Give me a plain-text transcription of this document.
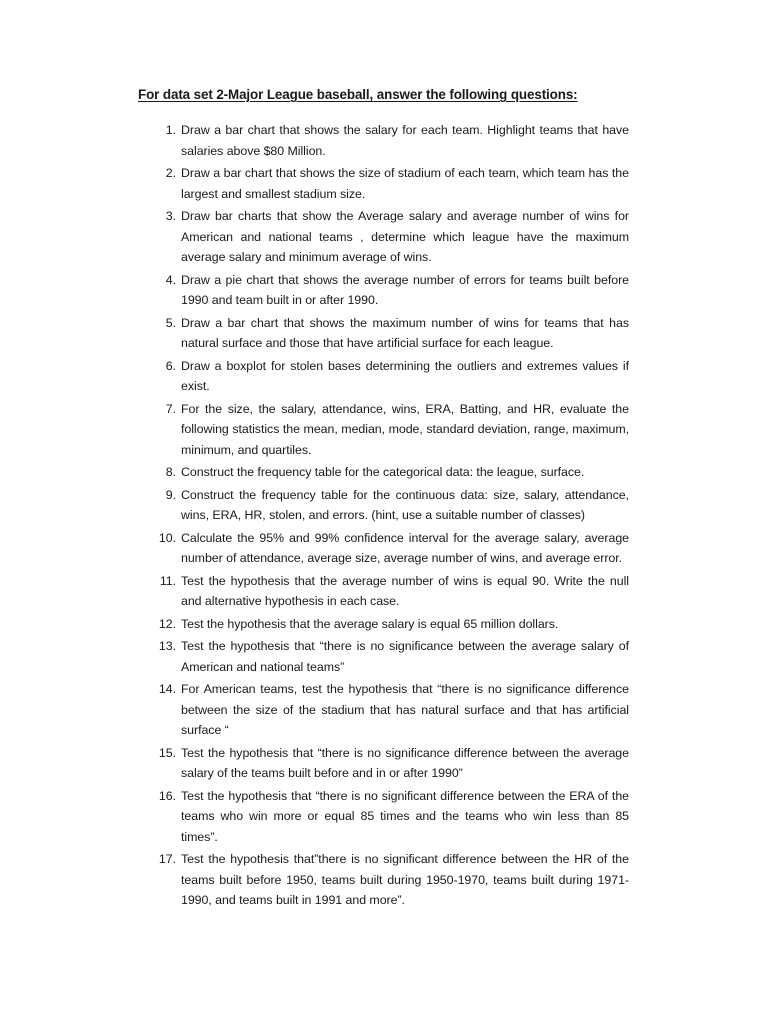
For data set 2-Major League baseball, answer the following questions:
1. Draw a bar chart that shows the salary for each team. Highlight teams that have salaries above $80 Million.
2. Draw a bar chart that shows the size of stadium of each team, which team has the largest and smallest stadium size.
3. Draw bar charts that show the Average salary and average number of wins for American and national teams , determine which league have the maximum average salary and minimum average of wins.
4. Draw a pie chart that shows the average number of errors for teams built before 1990 and team built in or after 1990.
5. Draw a bar chart that shows the maximum number of wins for teams that has natural surface and those that have artificial surface for each league.
6. Draw a boxplot for stolen bases determining the outliers and extremes values if exist.
7. For the size, the salary, attendance, wins, ERA, Batting, and HR, evaluate the following statistics the mean, median, mode, standard deviation, range, maximum, minimum, and quartiles.
8. Construct the frequency table for the categorical data: the league, surface.
9. Construct the frequency table for the continuous data: size, salary, attendance, wins, ERA, HR, stolen, and errors. (hint, use a suitable number of classes)
10. Calculate the 95% and 99% confidence interval for the average salary, average number of attendance, average size, average number of wins, and average error.
11. Test the hypothesis that the average number of wins is equal 90. Write the null and alternative hypothesis in each case.
12. Test the hypothesis that the average salary is equal 65 million dollars.
13. Test the hypothesis that “there is no significance between the average salary of American and national teams”
14. For American teams, test the hypothesis that “there is no significance difference between the size of the stadium that has natural surface and that has artificial surface “
15. Test the hypothesis that “there is no significance difference between the average salary of the teams built before and in or after 1990”
16. Test the hypothesis that “there is no significant difference between the ERA of the teams who win more or equal 85 times and the teams who win less than 85 times”.
17. Test the hypothesis that”there is no significant difference between the HR of the teams built before 1950, teams built during 1950-1970, teams built during 1971-1990, and teams built in 1991 and more”.
